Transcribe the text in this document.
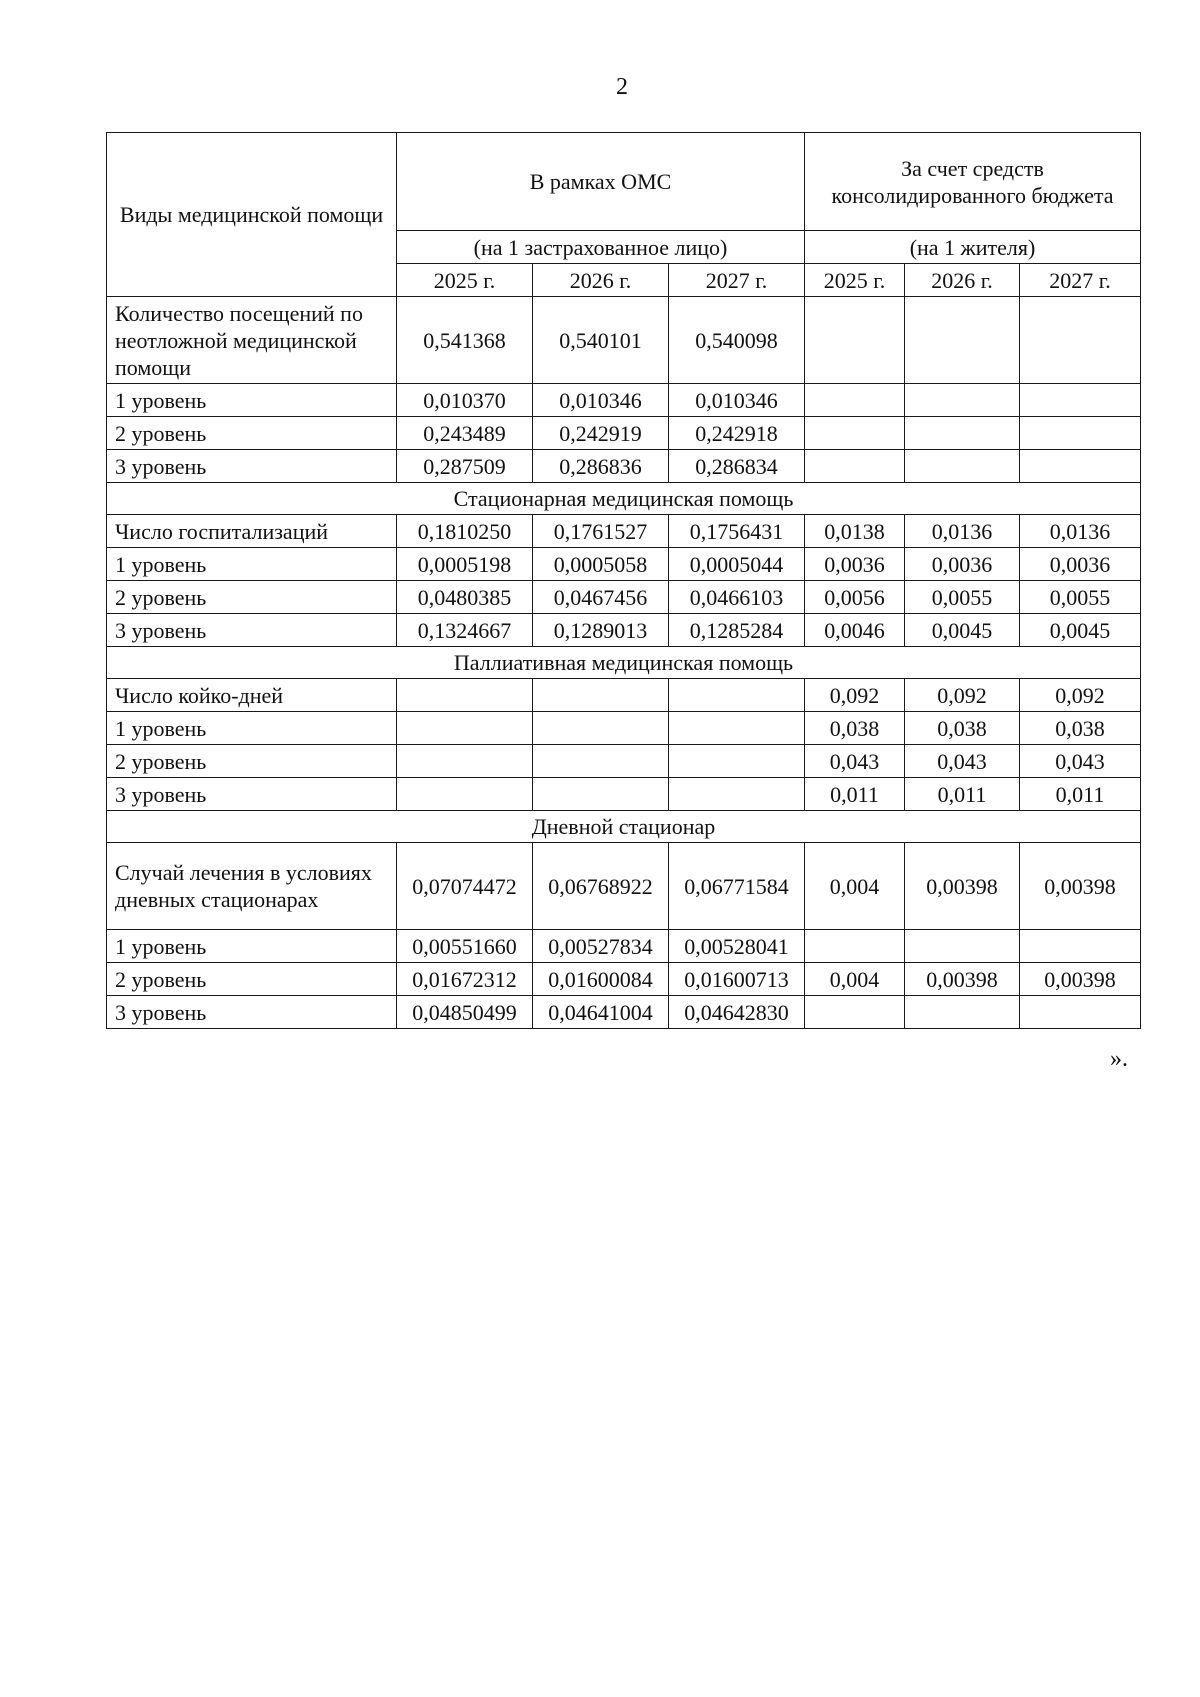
2
Виды медицинской помощи	В рамках ОМС			За счет средств консолидированного бюджета		
	(на 1 застрахованное лицо)			(на 1 жителя)		
	2025 г.	2026 г.	2027 г.	2025 г.	2026 г.	2027 г.
Количество посещений по неотложной медицинской помощи	0,541368	0,540101	0,540098			
1 уровень	0,010370	0,010346	0,010346			
2 уровень	0,243489	0,242919	0,242918			
3 уровень	0,287509	0,286836	0,286834			
Стационарная медицинская помощь						
Число госпитализаций	0,1810250	0,1761527	0,1756431	0,0138	0,0136	0,0136
1 уровень	0,0005198	0,0005058	0,0005044	0,0036	0,0036	0,0036
2 уровень	0,0480385	0,0467456	0,0466103	0,0056	0,0055	0,0055
3 уровень	0,1324667	0,1289013	0,1285284	0,0046	0,0045	0,0045
Паллиативная медицинская помощь						
Число койко-дней				0,092	0,092	0,092
1 уровень				0,038	0,038	0,038
2 уровень				0,043	0,043	0,043
3 уровень				0,011	0,011	0,011
Дневной стационар						
Случай лечения в условиях дневных стационарах	0,07074472	0,06768922	0,06771584	0,004	0,00398	0,00398
1 уровень	0,00551660	0,00527834	0,00528041			
2 уровень	0,01672312	0,01600084	0,01600713	0,004	0,00398	0,00398
3 уровень	0,04850499	0,04641004	0,04642830			
».
